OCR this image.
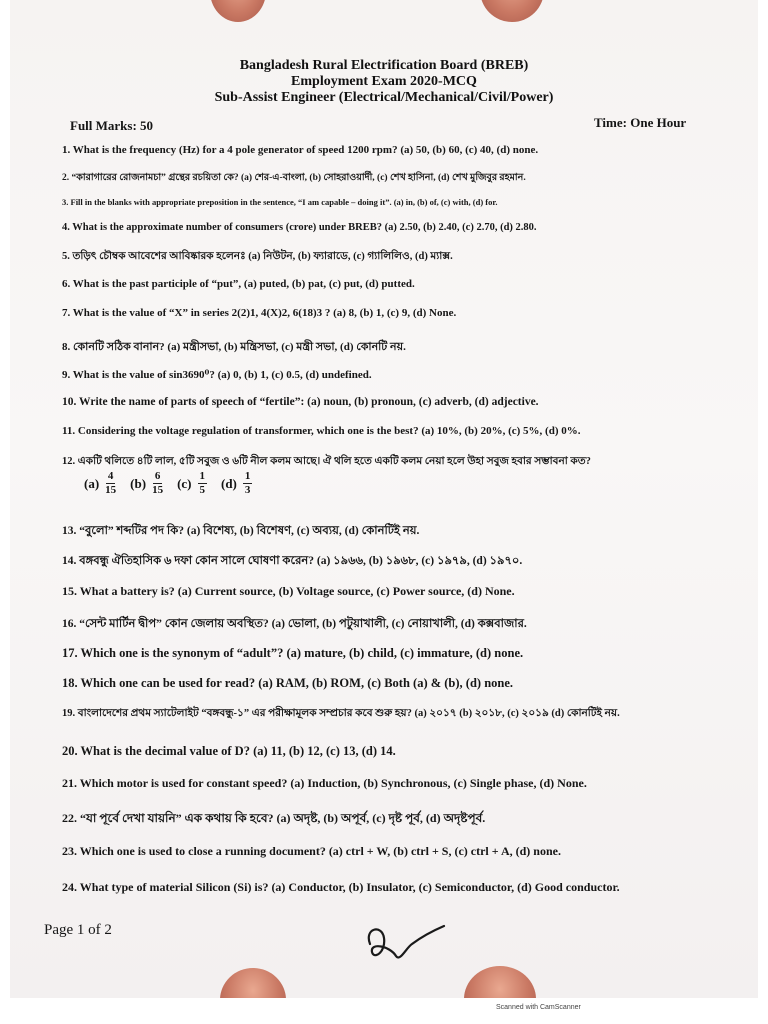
Bangladesh Rural Electrification Board (BREB)
Employment Exam 2020-MCQ
Sub-Assist Engineer (Electrical/Mechanical/Civil/Power)
Full Marks: 50	Time: One Hour
1. What is the frequency (Hz) for a 4 pole generator of speed 1200 rpm? (a) 50, (b) 60, (c) 40, (d) none.
2. “কারাগারের রোজনামচা” গ্রন্থের রচয়িতা কে? (a) শের-এ-বাংলা, (b) সোহরাওয়ার্দী, (c) শেখ হাসিনা, (d) শেখ মুজিবুর রহমান.
3. Fill in the blanks with appropriate preposition in the sentence, “I am capable – doing it”. (a) in, (b) of, (c) with, (d) for.
4. What is the approximate number of consumers (crore) under BREB? (a) 2.50, (b) 2.40, (c) 2.70, (d) 2.80.
5. তড়িৎ চৌম্বক আবেশের আবিষ্কারক হলেনঃ (a) নিউটন, (b) ফ্যারাডে, (c) গ্যালিলিও, (d) ম্যাক্স.
6. What is the past participle of “put”, (a) puted, (b) pat, (c) put, (d) putted.
7. What is the value of “X” in series 2(2)1, 4(X)2, 6(18)3 ? (a) 8, (b) 1, (c) 9, (d) None.
8. কোনটি সঠিক বানান? (a) মন্ত্রীসভা, (b) মন্ত্রিসভা, (c) মন্ত্রী সভা, (d) কোনটি নয়.
9. What is the value of sin3690⁰? (a) 0, (b) 1, (c) 0.5, (d) undefined.
10. Write the name of parts of speech of “fertile”: (a) noun, (b) pronoun, (c) adverb, (d) adjective.
11. Considering the voltage regulation of transformer, which one is the best? (a) 10%, (b) 20%, (c) 5%, (d) 0%.
12. একটি থলিতে ৪টি লাল, ৫টি সবুজ ও ৬টি নীল কলম আছে। ঐ থলি হতে একটি কলম নেয়া হলে উহা সবুজ হবার সম্ভাবনা কত?
$(a) \frac{4}{15} (b) \frac{6}{15} (c) \frac{1}{5} (d) \frac{1}{3}$
13. “বুলো” শব্দটির পদ কি? (a) বিশেষ্য, (b) বিশেষণ, (c) অব্যয়, (d) কোনটিই নয়.
14. বঙ্গবন্ধু ঐতিহাসিক ৬ দফা কোন সালে ঘোষণা করেন? (a) ১৯৬৬, (b) ১৯৬৮, (c) ১৯৭৯, (d) ১৯৭০.
15. What a battery is? (a) Current source, (b) Voltage source, (c) Power source, (d) None.
16. “সেন্ট মার্টিন দ্বীপ” কোন জেলায় অবস্থিত? (a) ভোলা, (b) পটুয়াখালী, (c) নোয়াখালী, (d) কক্সবাজার.
17. Which one is the synonym of “adult”? (a) mature, (b) child, (c) immature, (d) none.
18. Which one can be used for read? (a) RAM, (b) ROM, (c) Both (a) & (b), (d) none.
19. বাংলাদেশের প্রথম স্যাটেলাইট “বঙ্গবন্ধু-১” এর পরীক্ষামূলক সম্প্রচার কবে শুরু হয়? (a) ২০১৭ (b) ২০১৮, (c) ২০১৯ (d) কোনটিই নয়.
20. What is the decimal value of D? (a) 11, (b) 12, (c) 13, (d) 14.
21. Which motor is used for constant speed? (a) Induction, (b) Synchronous, (c) Single phase, (d) None.
22. “যা পূর্বে দেখা যায়নি” এক কথায় কি হবে? (a) অদৃষ্ট, (b) অপূর্ব, (c) দৃষ্ট পূর্ব, (d) অদৃষ্টপূর্ব.
23. Which one is used to close a running document? (a) ctrl + W, (b) ctrl + S, (c) ctrl + A, (d) none.
24. What type of material Silicon (Si) is? (a) Conductor, (b) Insulator, (c) Semiconductor, (d) Good conductor.
Page 1 of 2
Scanned with CamScanner
